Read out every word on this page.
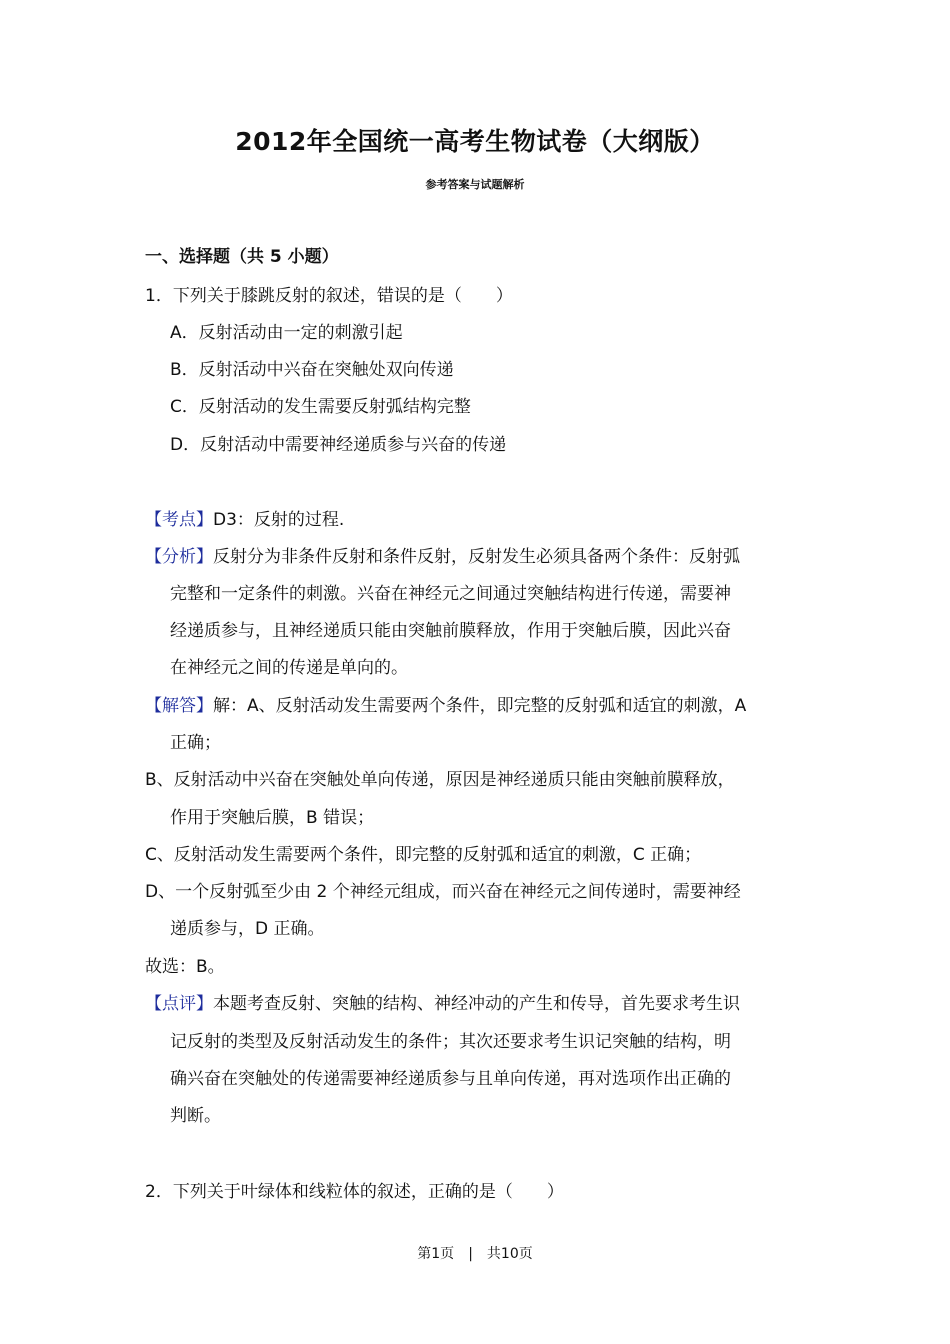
2012年全国统一高考生物试卷（大纲版）
参考答案与试题解析
一、选择题（共 5 小题）
1．下列关于膝跳反射的叙述，错误的是（　　）
A．反射活动由一定的刺激引起
B．反射活动中兴奋在突触处双向传递
C．反射活动的发生需要反射弧结构完整
D．反射活动中需要神经递质参与兴奋的传递
【考点】D3：反射的过程.
【分析】反射分为非条件反射和条件反射，反射发生必须具备两个条件：反射弧
完整和一定条件的刺激。兴奋在神经元之间通过突触结构进行传递，需要神
经递质参与，且神经递质只能由突触前膜释放，作用于突触后膜，因此兴奋
在神经元之间的传递是单向的。
【解答】解：A、反射活动发生需要两个条件，即完整的反射弧和适宜的刺激，A
正确；
B、反射活动中兴奋在突触处单向传递，原因是神经递质只能由突触前膜释放，
作用于突触后膜，B 错误；
C、反射活动发生需要两个条件，即完整的反射弧和适宜的刺激，C 正确；
D、一个反射弧至少由 2 个神经元组成，而兴奋在神经元之间传递时，需要神经
递质参与，D 正确。
故选：B。
【点评】本题考查反射、突触的结构、神经冲动的产生和传导，首先要求考生识
记反射的类型及反射活动发生的条件；其次还要求考生识记突触的结构，明
确兴奋在突触处的传递需要神经递质参与且单向传递，再对选项作出正确的
判断。
2．下列关于叶绿体和线粒体的叙述，正确的是（　　）
第1页 | 共10页
